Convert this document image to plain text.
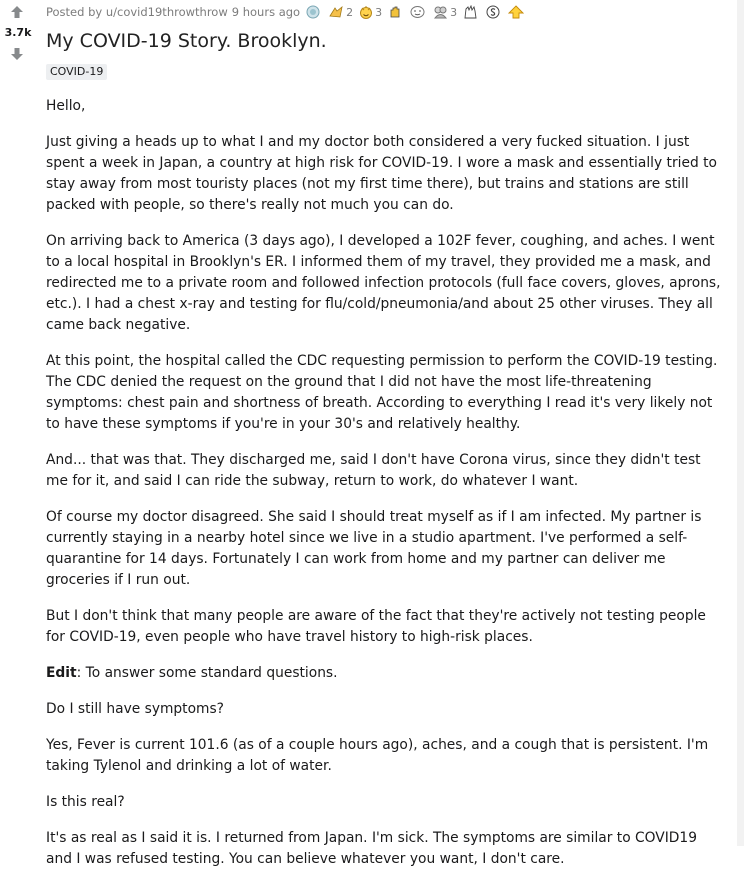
3.7k
Posted by u/covid19throwthrow 9 hours ago	2 3	3
My COVID-19 Story. Brooklyn.
COVID-19

Hello,

Just giving a heads up to what I and my doctor both considered a very fucked situation. I just spent a week in Japan, a country at high risk for COVID-19. I wore a mask and essentially tried to stay away from most touristy places (not my first time there), but trains and stations are still packed with people, so there's really not much you can do.

On arriving back to America (3 days ago), I developed a 102F fever, coughing, and aches. I went to a local hospital in Brooklyn's ER. I informed them of my travel, they provided me a mask, and redirected me to a private room and followed infection protocols (full face covers, gloves, aprons, etc.). I had a chest x-ray and testing for flu/cold/pneumonia/and about 25 other viruses. They all came back negative.

At this point, the hospital called the CDC requesting permission to perform the COVID-19 testing. The CDC denied the request on the ground that I did not have the most life-threatening symptoms: chest pain and shortness of breath. According to everything I read it's very likely not to have these symptoms if you're in your 30's and relatively healthy.

And... that was that. They discharged me, said I don't have Corona virus, since they didn't test me for it, and said I can ride the subway, return to work, do whatever I want.

Of course my doctor disagreed. She said I should treat myself as if I am infected. My partner is currently staying in a nearby hotel since we live in a studio apartment. I've performed a self-quarantine for 14 days. Fortunately I can work from home and my partner can deliver me groceries if I run out.

But I don't think that many people are aware of the fact that they're actively not testing people for COVID-19, even people who have travel history to high-risk places.

Edit: To answer some standard questions.

Do I still have symptoms?

Yes, Fever is current 101.6 (as of a couple hours ago), aches, and a cough that is persistent. I'm taking Tylenol and drinking a lot of water.

Is this real?

It's as real as I said it is. I returned from Japan. I'm sick. The symptoms are similar to COVID19 and I was refused testing. You can believe whatever you want, I don't care.
